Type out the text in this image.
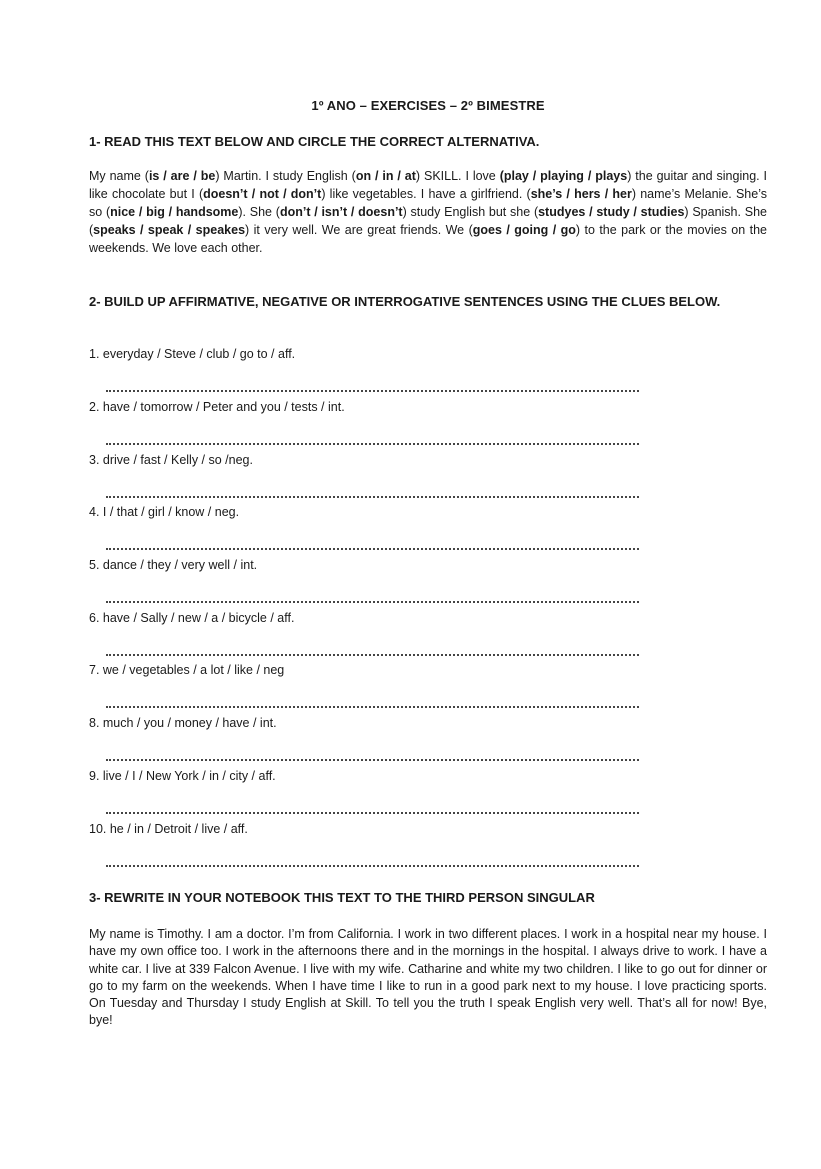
1º ANO – EXERCISES – 2º BIMESTRE
1- READ THIS TEXT BELOW AND CIRCLE THE CORRECT ALTERNATIVA.
My name (is / are / be) Martin. I study English (on / in / at) SKILL. I love (play / playing / plays) the guitar and singing. I like chocolate but I (doesn’t / not / don’t) like vegetables. I have a girlfriend. (she’s / hers / her) name’s Melanie. She’s so (nice / big / handsome). She (don’t / isn’t / doesn’t) study English but she (studyes / study / studies) Spanish. She (speaks / speak / speakes) it very well. We are great friends. We (goes / going / go) to the park or the movies on the weekends. We love each other.
2- BUILD UP AFFIRMATIVE, NEGATIVE OR INTERROGATIVE SENTENCES USING THE CLUES BELOW.
1. everyday / Steve / club / go to / aff.
2. have / tomorrow / Peter and you / tests / int.
3. drive / fast / Kelly / so /neg.
4. I / that / girl / know / neg.
5. dance / they / very well / int.
6. have / Sally / new / a / bicycle / aff.
7. we / vegetables / a lot / like / neg
8. much / you / money / have / int.
9. live / I / New York / in / city / aff.
10. he / in / Detroit / live / aff.
3- REWRITE IN YOUR NOTEBOOK THIS TEXT TO THE THIRD PERSON SINGULAR
My name is Timothy. I am a doctor. I’m from California. I work in two different places. I work in a hospital near my house. I have my own office too. I work in the afternoons there and in the mornings in the hospital. I always drive to work. I have a white car. I live at 339 Falcon Avenue. I live with my wife. Catharine and white my two children. I like to go out for dinner or go to my farm on the weekends. When I have time I like to run in a good park next to my house. I love practicing sports. On Tuesday and Thursday I study English at Skill. To tell you the truth I speak English very well. That’s all for now! Bye, bye!
